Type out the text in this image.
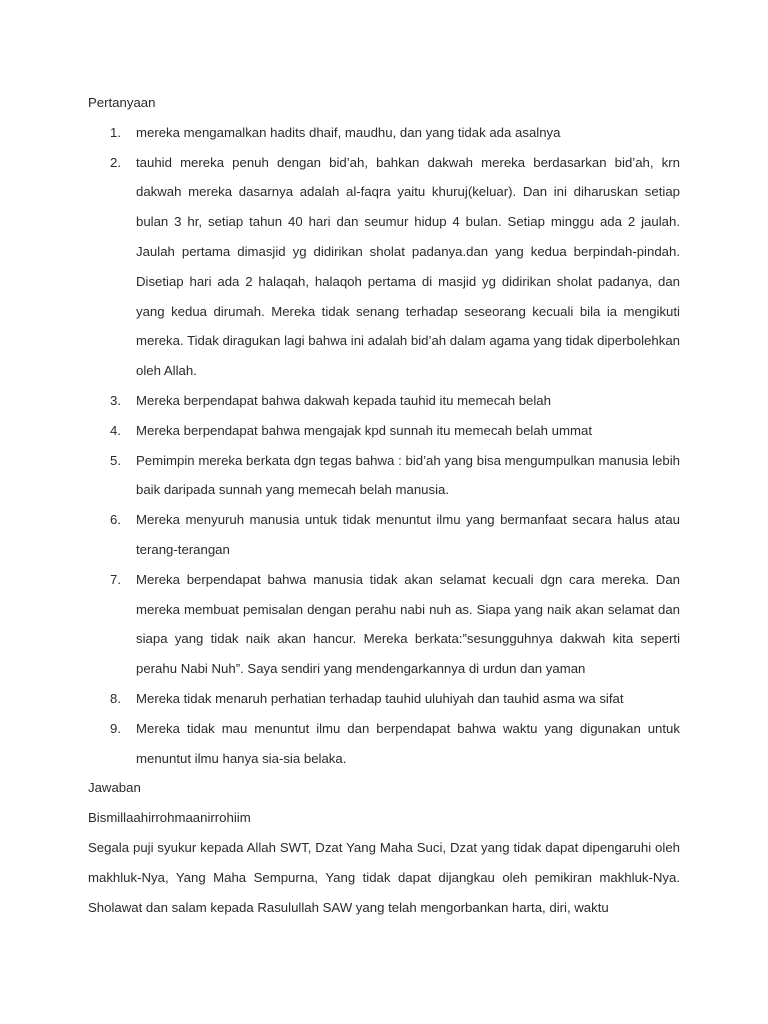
Pertanyaan

1.	mereka mengamalkan hadits dhaif, maudhu, dan yang tidak ada asalnya
2.	tauhid mereka penuh dengan bid’ah, bahkan dakwah mereka berdasarkan bid’ah, krn dakwah mereka dasarnya adalah al-faqra yaitu khuruj(keluar). Dan ini diharuskan setiap bulan 3 hr, setiap tahun 40 hari dan seumur hidup 4 bulan. Setiap minggu ada 2 jaulah. Jaulah pertama dimasjid yg didirikan sholat padanya.dan yang kedua berpindah-pindah. Disetiap hari ada 2 halaqah, halaqoh pertama di masjid yg didirikan sholat padanya, dan yang kedua dirumah. Mereka tidak senang terhadap seseorang kecuali bila ia mengikuti mereka. Tidak diragukan lagi bahwa ini adalah bid’ah dalam agama yang tidak diperbolehkan oleh Allah.
3.	Mereka berpendapat bahwa dakwah kepada tauhid itu memecah belah
4.	Mereka berpendapat bahwa mengajak kpd sunnah itu memecah belah ummat
5.	Pemimpin mereka berkata dgn tegas bahwa : bid’ah yang bisa mengumpulkan manusia lebih baik daripada sunnah yang memecah belah manusia.
6.	Mereka menyuruh manusia untuk tidak menuntut ilmu yang bermanfaat secara halus atau terang-terangan
7.	Mereka berpendapat bahwa manusia tidak akan selamat kecuali dgn cara mereka. Dan mereka membuat pemisalan dengan perahu nabi nuh as. Siapa yang naik akan selamat dan siapa yang tidak naik akan hancur. Mereka berkata:”sesungguhnya dakwah kita seperti perahu Nabi Nuh”. Saya sendiri yang mendengarkannya di urdun dan yaman
8.	Mereka tidak menaruh perhatian terhadap tauhid uluhiyah dan tauhid asma wa sifat
9.	Mereka tidak mau menuntut ilmu dan berpendapat bahwa waktu yang digunakan untuk menuntut ilmu hanya sia-sia belaka.

Jawaban

Bismillaahirrohmaanirrohiim

Segala puji syukur kepada Allah SWT, Dzat Yang Maha Suci, Dzat yang tidak dapat dipengaruhi oleh makhluk-Nya, Yang Maha Sempurna, Yang tidak dapat dijangkau oleh pemikiran makhluk-Nya. Sholawat dan salam kepada Rasulullah SAW yang telah mengorbankan harta, diri, waktu
